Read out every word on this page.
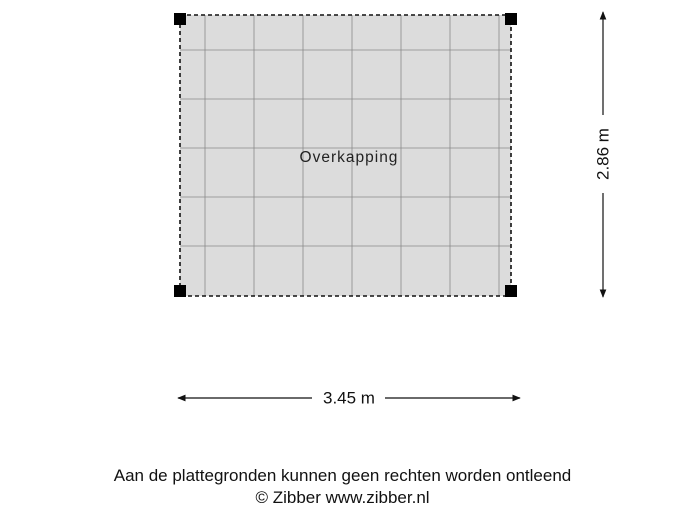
Overkapping	2.86 m
3.45 m
Aan de plattegronden kunnen geen rechten worden ontleend
© Zibber www.zibber.nl
